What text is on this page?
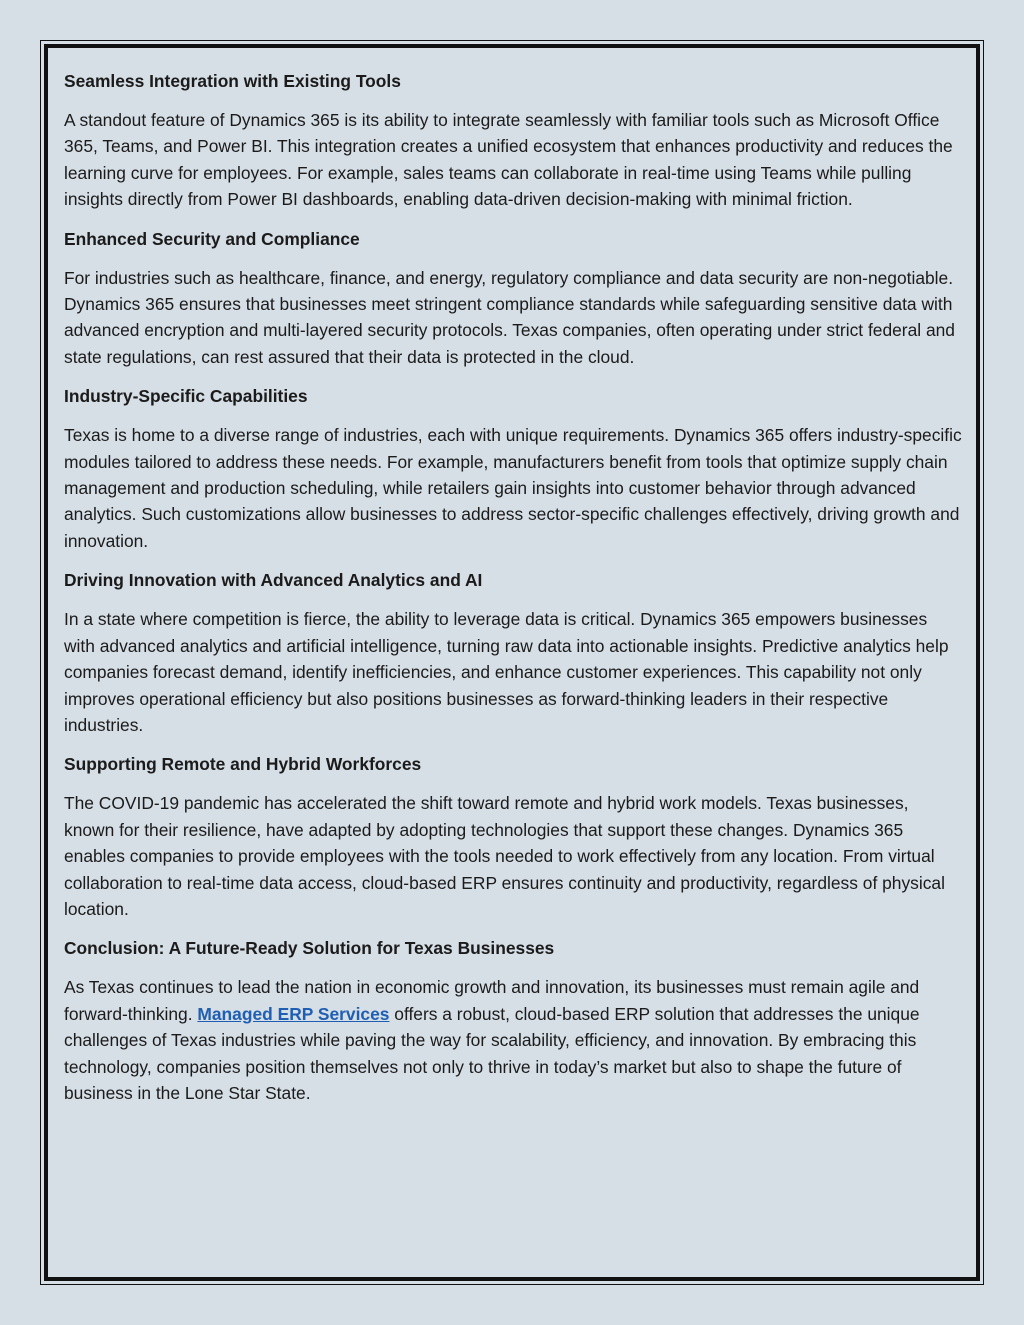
Seamless Integration with Existing Tools

A standout feature of Dynamics 365 is its ability to integrate seamlessly with familiar tools such as Microsoft Office 365, Teams, and Power BI. This integration creates a unified ecosystem that enhances productivity and reduces the learning curve for employees. For example, sales teams can collaborate in real-time using Teams while pulling insights directly from Power BI dashboards, enabling data-driven decision-making with minimal friction.

Enhanced Security and Compliance

For industries such as healthcare, finance, and energy, regulatory compliance and data security are non-negotiable. Dynamics 365 ensures that businesses meet stringent compliance standards while safeguarding sensitive data with advanced encryption and multi-layered security protocols. Texas companies, often operating under strict federal and state regulations, can rest assured that their data is protected in the cloud.

Industry-Specific Capabilities

Texas is home to a diverse range of industries, each with unique requirements. Dynamics 365 offers industry-specific modules tailored to address these needs. For example, manufacturers benefit from tools that optimize supply chain management and production scheduling, while retailers gain insights into customer behavior through advanced analytics. Such customizations allow businesses to address sector-specific challenges effectively, driving growth and innovation.

Driving Innovation with Advanced Analytics and AI

In a state where competition is fierce, the ability to leverage data is critical. Dynamics 365 empowers businesses with advanced analytics and artificial intelligence, turning raw data into actionable insights. Predictive analytics help companies forecast demand, identify inefficiencies, and enhance customer experiences. This capability not only improves operational efficiency but also positions businesses as forward-thinking leaders in their respective industries.

Supporting Remote and Hybrid Workforces

The COVID-19 pandemic has accelerated the shift toward remote and hybrid work models. Texas businesses, known for their resilience, have adapted by adopting technologies that support these changes. Dynamics 365 enables companies to provide employees with the tools needed to work effectively from any location. From virtual collaboration to real-time data access, cloud-based ERP ensures continuity and productivity, regardless of physical location.

Conclusion: A Future-Ready Solution for Texas Businesses

As Texas continues to lead the nation in economic growth and innovation, its businesses must remain agile and forward-thinking. Managed ERP Services offers a robust, cloud-based ERP solution that addresses the unique challenges of Texas industries while paving the way for scalability, efficiency, and innovation. By embracing this technology, companies position themselves not only to thrive in today’s market but also to shape the future of business in the Lone Star State.
